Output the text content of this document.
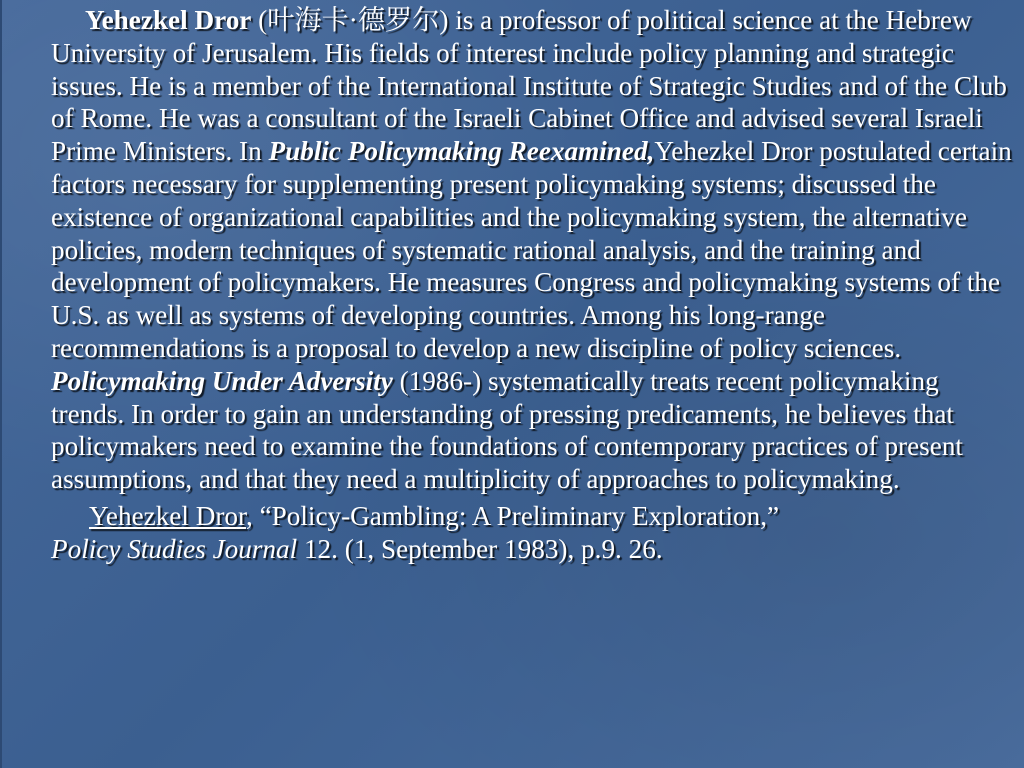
Yehezkel Dror (叶海卡·德罗尔) is a professor of political science at the Hebrew University of Jerusalem. His fields of interest include policy planning and strategic issues. He is a member of the International Institute of Strategic Studies and of the Club of Rome. He was a consultant of the Israeli Cabinet Office and advised several Israeli Prime Ministers. In Public Policymaking Reexamined,Yehezkel Dror postulated certain factors necessary for supplementing present policymaking systems; discussed the existence of organizational capabilities and the policymaking system, the alternative policies, modern techniques of systematic rational analysis, and the training and development of policymakers. He measures Congress and policymaking systems of the U.S. as well as systems of developing countries. Among his long-range recommendations is a proposal to develop a new discipline of policy sciences. Policymaking Under Adversity (1986-) systematically treats recent policymaking trends. In order to gain an understanding of pressing predicaments, he believes that policymakers need to examine the foundations of contemporary practices of present assumptions, and that they need a multiplicity of approaches to policymaking.

Yehezkel Dror, “Policy-Gambling: A Preliminary Exploration,”
Policy Studies Journal 12. (1, September 1983), p.9. 26.
